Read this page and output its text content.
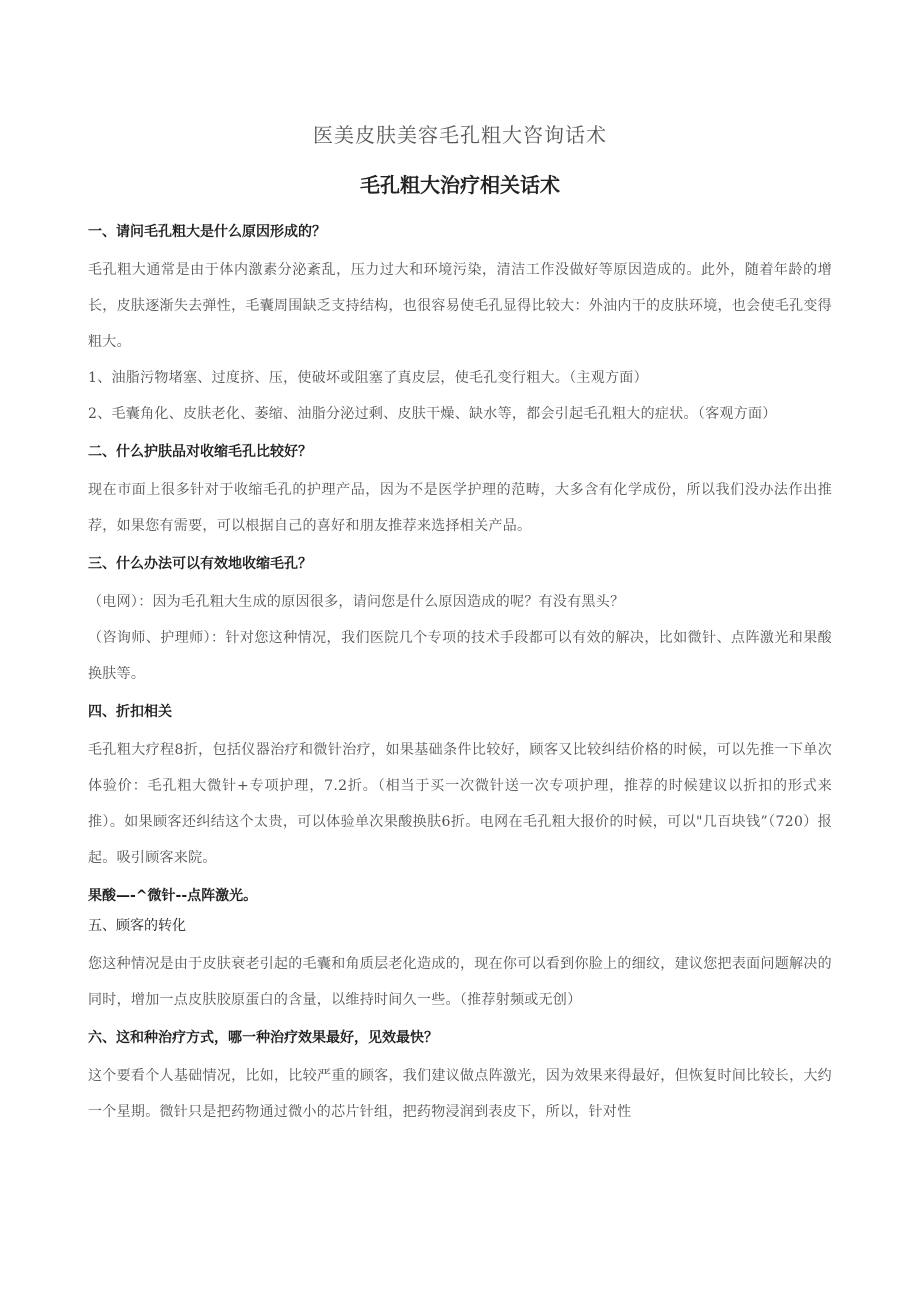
医美皮肤美容毛孔粗大咨询话术
毛孔粗大治疗相关话术
一、请问毛孔粗大是什么原因形成的？

毛孔粗大通常是由于体内激素分泌紊乱，压力过大和环境污染，清洁工作没做好等原因造成的。此外，随着年龄的增长，皮肤逐渐失去弹性，毛囊周围缺乏支持结构，也很容易使毛孔显得比较大：外油内干的皮肤环境，也会使毛孔变得粗大。

1、油脂污物堵塞、过度挤、压，使破坏或阻塞了真皮层，使毛孔变行粗大。（主观方面）

2、毛囊角化、皮肤老化、萎缩、油脂分泌过剩、皮肤干燥、缺水等，都会引起毛孔粗大的症状。（客观方面）

二、什么护肤品对收缩毛孔比较好？

现在市面上很多针对于收缩毛孔的护理产品，因为不是医学护理的范畴，大多含有化学成份，所以我们没办法作出推荐，如果您有需要，可以根据自己的喜好和朋友推荐来选择相关产品。

三、什么办法可以有效地收缩毛孔？

（电网）：因为毛孔粗大生成的原因很多，请问您是什么原因造成的呢？有没有黑头？

（咨询师、护理师）：针对您这种情况，我们医院几个专项的技术手段都可以有效的解决，比如微针、点阵激光和果酸换肤等。

四、折扣相关

毛孔粗大疗程8折，包括仪器治疗和微针治疗，如果基础条件比较好，顾客又比较纠结价格的时候，可以先推一下单次体验价：毛孔粗大微针+专项护理，7.2折。（相当于买一次微针送一次专项护理，推荐的时候建议以折扣的形式来推）。如果顾客还纠结这个太贵，可以体验单次果酸换肤6折。电网在毛孔粗大报价的时候，可以"几百块钱”（720）报起。吸引顾客来院。

果酸—-^微针--点阵激光。
五、顾客的转化

您这种情况是由于皮肤衰老引起的毛囊和角质层老化造成的，现在你可以看到你脸上的细纹，建议您把表面问题解决的同时，增加一点皮肤胶原蛋白的含量，以维持时间久一些。（推荐射频或无创）

六、这和种治疗方式，哪一种治疗效果最好，见效最快？

这个要看个人基础情况，比如，比较严重的顾客，我们建议做点阵激光，因为效果来得最好，但恢复时间比较长，大约一个星期。微针只是把药物通过微小的芯片针组，把药物浸润到表皮下，所以，针对性
